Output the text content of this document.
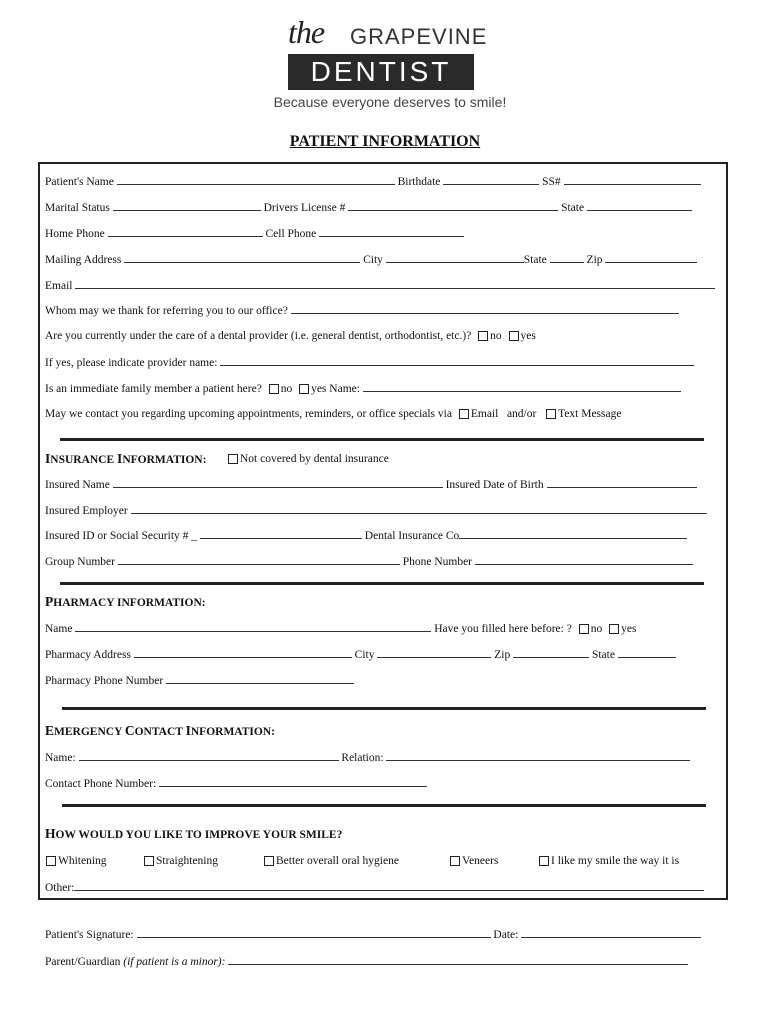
the GRAPEVINE
DENTIST
Because everyone deserves to smile!
PATIENT INFORMATION
Patient's Name	Birthdate	SS#
Marital Status	Drivers License #	State
Home Phone	Cell Phone
Mailing Address	City	State	Zip
Email
Whom may we thank for referring you to our office?
Are you currently under the care of a dental provider (i.e. general dentist, orthodontist, etc.)? no yes
If yes, please indicate provider name:
Is an immediate family member a patient here? no yes Name:
May we contact you regarding upcoming appointments, reminders, or office specials via Email and/or Text Message
INSURANCE INFORMATION:	Not covered by dental insurance
Insured Name	Insured Date of Birth
Insured Employer
Insured ID or Social Security # _	Dental Insurance Co
Group Number	Phone Number
PHARMACY INFORMATION:
Name	Have you filled here before: ? no yes
Pharmacy Address	City	Zip	State
Pharmacy Phone Number
EMERGENCY CONTACT INFORMATION:
Name:	Relation:
Contact Phone Number:
HOW WOULD YOU LIKE TO IMPROVE YOUR SMILE?
Whitening	Straightening	Better overall oral hygiene	Veneers	I like my smile the way it is
Other:
Patient's Signature:	Date:
Parent/Guardian (if patient is a minor):
